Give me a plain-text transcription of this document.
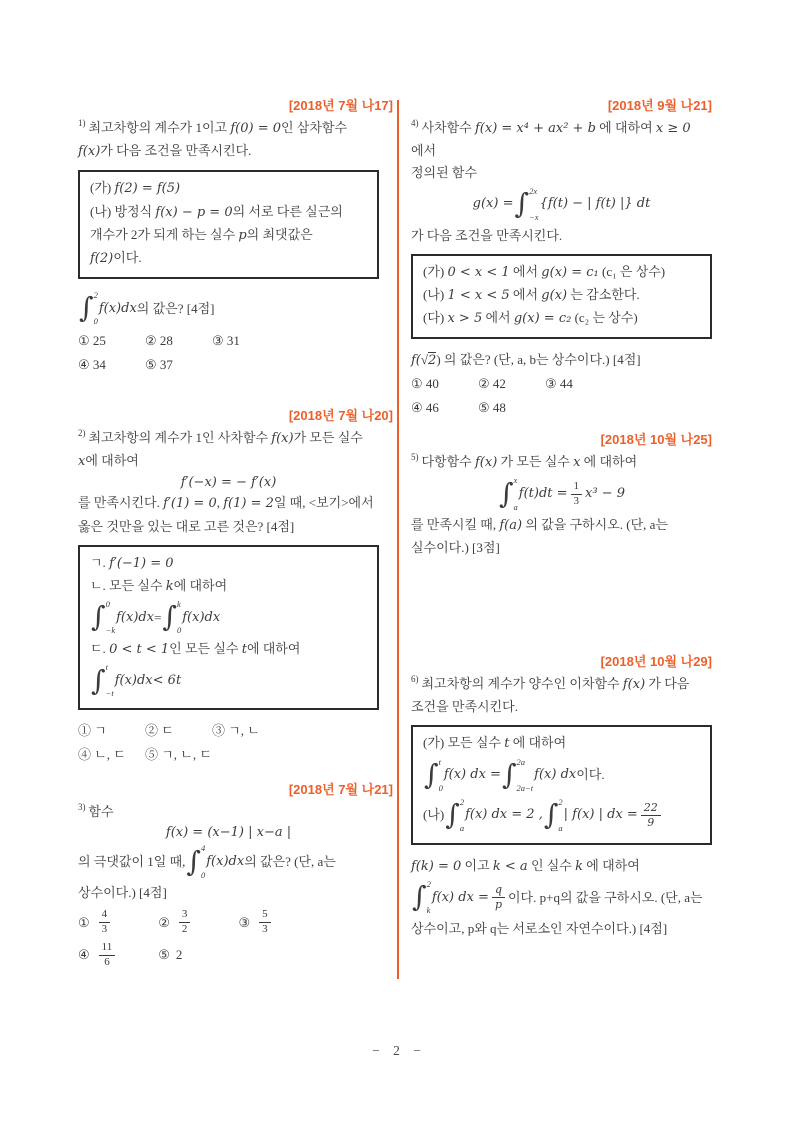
[2018년 7월 나17]
$^{1)}$ 최고차항의 계수가 1이고 f(0) = 0인 삼차함수
f(x)가 다음 조건을 만족시킨다.
(가) f(2) = f(5)
(나) 방정식 f(x) − p = 0의 서로 다른 실근의
개수가 2가 되게 하는 실수 p의 최댓값은
f(2)이다.
∫ 2
0
f(x)dx 의 값은? [4점]
① 25	② 28	③ 31
④ 34	⑤ 37
[2018년 7월 나20]
$^{2)}$ 최고차항의 계수가 1인 사차함수 f(x)가 모든 실수
x에 대하여
f′(−x) = − f′(x)
를 만족시킨다. f′(1) = 0, f(1) = 2일 때, <보기>에서
옳은 것만을 있는 대로 고른 것은? [4점]
ㄱ. f′(−1) = 0
ㄴ. 모든 실수 k에 대하여
∫ 0
−k
f(x)dx = ∫ k
0
f(x)dx
ㄷ. 0 < t < 1인 모든 실수 t에 대하여
∫ t
−t
f(x)dx < 6t
① ㄱ	② ㄷ	③ ㄱ, ㄴ
④ ㄴ, ㄷ ⑤ ㄱ, ㄴ, ㄷ
[2018년 7월 나21]
$^{3)}$ 함수
f(x) = (x−1) | x−a |
의 극댓값이 1일 때, ∫ 4
0
f(x)dx 의 값은? (단, a는
상수이다.) [4점]
① $\frac{4}{3}$
	② $\frac{3}{2}$
	③ $\frac{5}{3}$
④ $\frac{11}{6}$
	⑤ 2
[2018년 9월 나21]
$^{4)}$ 사차함수 f(x) = x⁴ + ax² + b 에 대하여 x ≥ 0 에서
정의된 함수
g(x) = ∫ 2x
−x
{f(t) − | f(t) |} dt
가 다음 조건을 만족시킨다.
(가) 0 < x < 1 에서 g(x) = c₁ (c₁ 은 상수)
(나) 1 < x < 5 에서 g(x) 는 감소한다.
(다) x > 5 에서 g(x) = c₂ (c₂ 는 상수)
f(√2) 의 값은? (단, a, b는 상수이다.) [4점]
① 40	② 42	③ 44
④ 46	⑤ 48
[2018년 10월 나25]
$^{5)}$ 다항함수 f(x) 가 모든 실수 x 에 대하여
∫ x
a
$f(t)dt = \frac{1}{3} x^3 - 9$
를 만족시킬 때, f(a) 의 값을 구하시오. (단, a는
실수이다.) [3점]
[2018년 10월 나29]
$^{6)}$ 최고차항의 계수가 양수인 이차함수 f(x) 가 다음
조건을 만족시킨다.
(가) 모든 실수 t 에 대하여
∫ t
0
f(x) dx = ∫ 2a
2a−t
f(x) dx 이다.
(나) ∫ 2
a
f(x) dx = 2 , ∫ 2
a
| f(x) | dx = $\frac{22}{9}$
f(k) = 0 이고 k < a 인 실수 k 에 대하여
∫ 2
k
f(x) dx = $\frac{q}{p}$ 이다. p+q의 값을 구하시오. (단, a는
상수이고, p와 q는 서로소인 자연수이다.) [4점]
− 2 −
